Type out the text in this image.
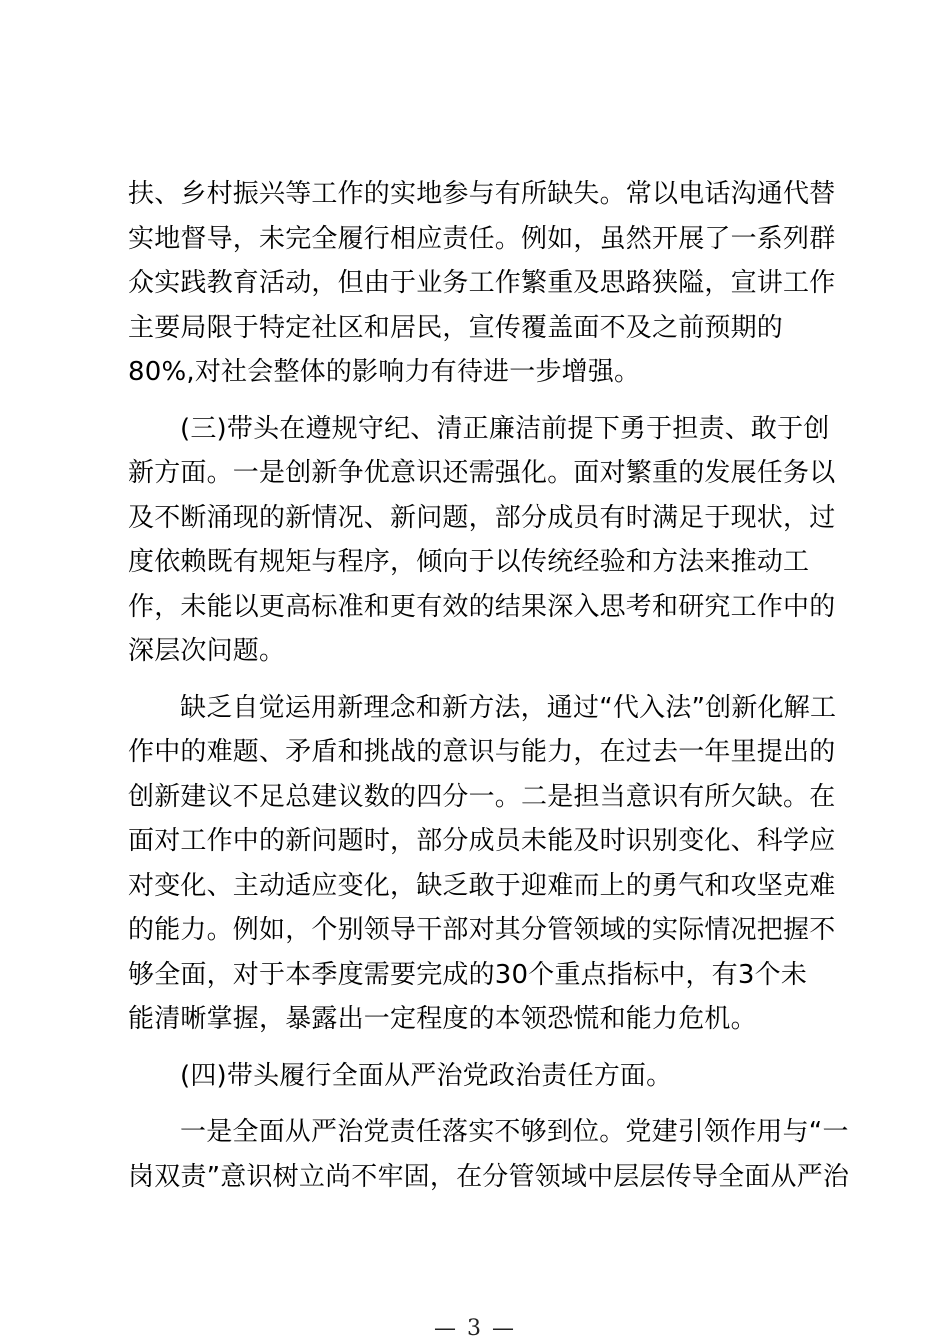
扶、乡村振兴等工作的实地参与有所缺失。常以电话沟通代替
实地督导，未完全履行相应责任。例如，虽然开展了一系列群
众实践教育活动，但由于业务工作繁重及思路狭隘，宣讲工作
主要局限于特定社区和居民，宣传覆盖面不及之前预期的
80%,对社会整体的影响力有待进一步增强。

(三)带头在遵规守纪、清正廉洁前提下勇于担责、敢于创
新方面。一是创新争优意识还需强化。面对繁重的发展任务以
及不断涌现的新情况、新问题，部分成员有时满足于现状，过
度依赖既有规矩与程序，倾向于以传统经验和方法来推动工
作，未能以更高标准和更有效的结果深入思考和研究工作中的
深层次问题。

缺乏自觉运用新理念和新方法，通过“代入法”创新化解工
作中的难题、矛盾和挑战的意识与能力，在过去一年里提出的
创新建议不足总建议数的四分一。二是担当意识有所欠缺。在
面对工作中的新问题时，部分成员未能及时识别变化、科学应
对变化、主动适应变化，缺乏敢于迎难而上的勇气和攻坚克难
的能力。例如，个别领导干部对其分管领域的实际情况把握不
够全面，对于本季度需要完成的30个重点指标中，有3个未
能清晰掌握，暴露出一定程度的本领恐慌和能力危机。

(四)带头履行全面从严治党政治责任方面。

一是全面从严治党责任落实不够到位。党建引领作用与“一
岗双责”意识树立尚不牢固，在分管领域中层层传导全面从严治

— 3 —
